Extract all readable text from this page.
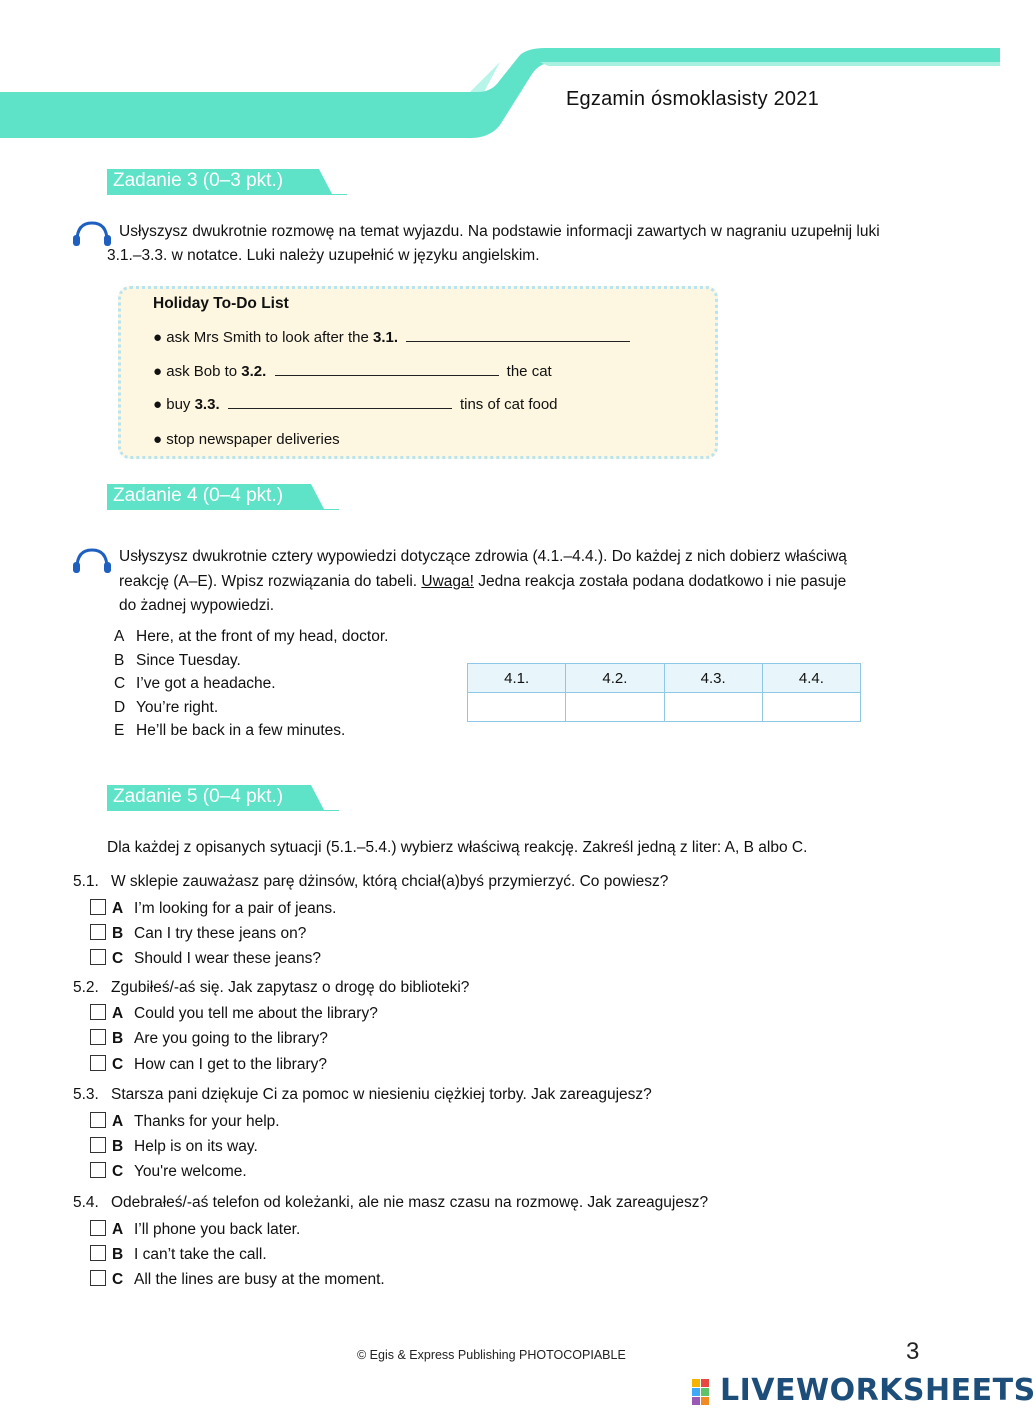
Egzamin ósmoklasisty 2021
Zadanie 3 (0–3 pkt.)
Usłyszysz dwukrotnie rozmowę na temat wyjazdu. Na podstawie informacji zawartych w nagraniu uzupełnij luki
3.1.–3.3. w notatce. Luki należy uzupełnić w języku angielskim.
Holiday To-Do List
● ask Mrs Smith to look after the 3.1.
● ask Bob to 3.2.	the cat
● buy 3.3.	tins of cat food
● stop newspaper deliveries
Zadanie 4 (0–4 pkt.)
Usłyszysz dwukrotnie cztery wypowiedzi dotyczące zdrowia (4.1.–4.4.). Do każdej z nich dobierz właściwą
reakcję (A–E). Wpisz rozwiązania do tabeli. Uwaga! Jedna reakcja została podana dodatkowo i nie pasuje
do żadnej wypowiedzi.
A Here, at the front of my head, doctor.
B Since Tuesday.
C I’ve got a headache.
D You’re right.
E He’ll be back in a few minutes.
4.1.	4.2.	4.3.	4.4.

Zadanie 5 (0–4 pkt.)
Dla każdej z opisanych sytuacji (5.1.–5.4.) wybierz właściwą reakcję. Zakreśl jedną z liter: A, B albo C.
5.1. W sklepie zauważasz parę dżinsów, którą chciał(a)byś przymierzyć. Co powiesz?
A I’m looking for a pair of jeans.
B Can I try these jeans on?
C Should I wear these jeans?
5.2. Zgubiłeś/-aś się. Jak zapytasz o drogę do biblioteki?
A Could you tell me about the library?
B Are you going to the library?
C How can I get to the library?
5.3. Starsza pani dziękuje Ci za pomoc w niesieniu ciężkiej torby. Jak zareagujesz?
A Thanks for your help.
B Help is on its way.
C You're welcome.
5.4. Odebrałeś/-aś telefon od koleżanki, ale nie masz czasu na rozmowę. Jak zareagujesz?
A I’ll phone you back later.
B I can’t take the call.
C All the lines are busy at the moment.
© Egis & Express Publishing PHOTOCOPIABLE	3
LIVEWORKSHEETS
